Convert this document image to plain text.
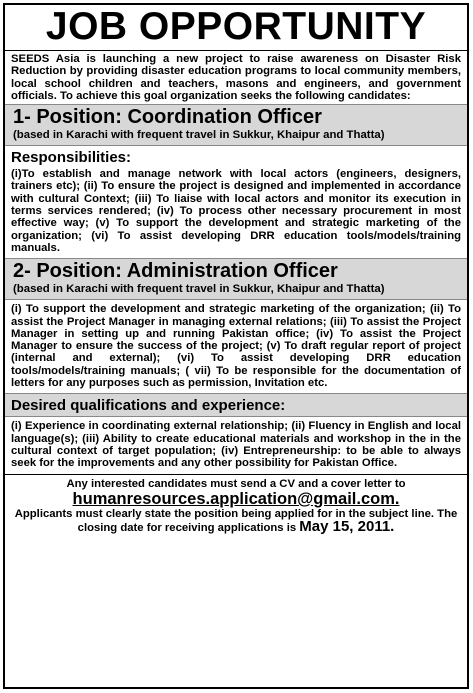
JOB OPPORTUNITY
SEEDS Asia is launching a new project to raise awareness on Disaster Risk Reduction by providing disaster education programs to local community members, local school children and teachers, masons and engineers, and government officials. To achieve this goal organization seeks the following candidates:
1- Position: Coordination Officer
(based in Karachi with frequent travel in Sukkur, Khaipur and Thatta)
Responsibilities:
(i)To establish and manage network with local actors (engineers, designers, trainers etc); (ii) To ensure the project is designed and implemented in accordance with cultural Context; (iii) To liaise with local actors and monitor its execution in terms services rendered; (iv) To process other necessary procurement in most effective way; (v) To support the development and strategic marketing of the organization; (vi) To assist developing DRR education tools/models/training manuals.
2- Position: Administration Officer
(based in Karachi with frequent travel in Sukkur, Khaipur and Thatta)
(i) To support the development and strategic marketing of the organization; (ii) To assist the Project Manager in managing external relations; (iii) To assist the Project Manager in setting up and running Pakistan office; (iv) To assist the Project Manager to ensure the success of the project; (v) To draft regular report of project (internal and external); (vi) To assist developing DRR education tools/models/training manuals; ( vii) To be responsible for the documentation of letters for any purposes such as permission, Invitation etc.
Desired qualifications and experience:
(i) Experience in coordinating external relationship; (ii) Fluency in English and local language(s); (iii) Ability to create educational materials and workshop in the in the cultural context of target population; (iv) Entrepreneurship: to be able to always seek for the improvements and any other possibility for Pakistan Office.
Any interested candidates must send a CV and a cover letter to
humanresources.application@gmail.com.
Applicants must clearly state the position being applied for in the subject line. The closing date for receiving applications is May 15, 2011.
